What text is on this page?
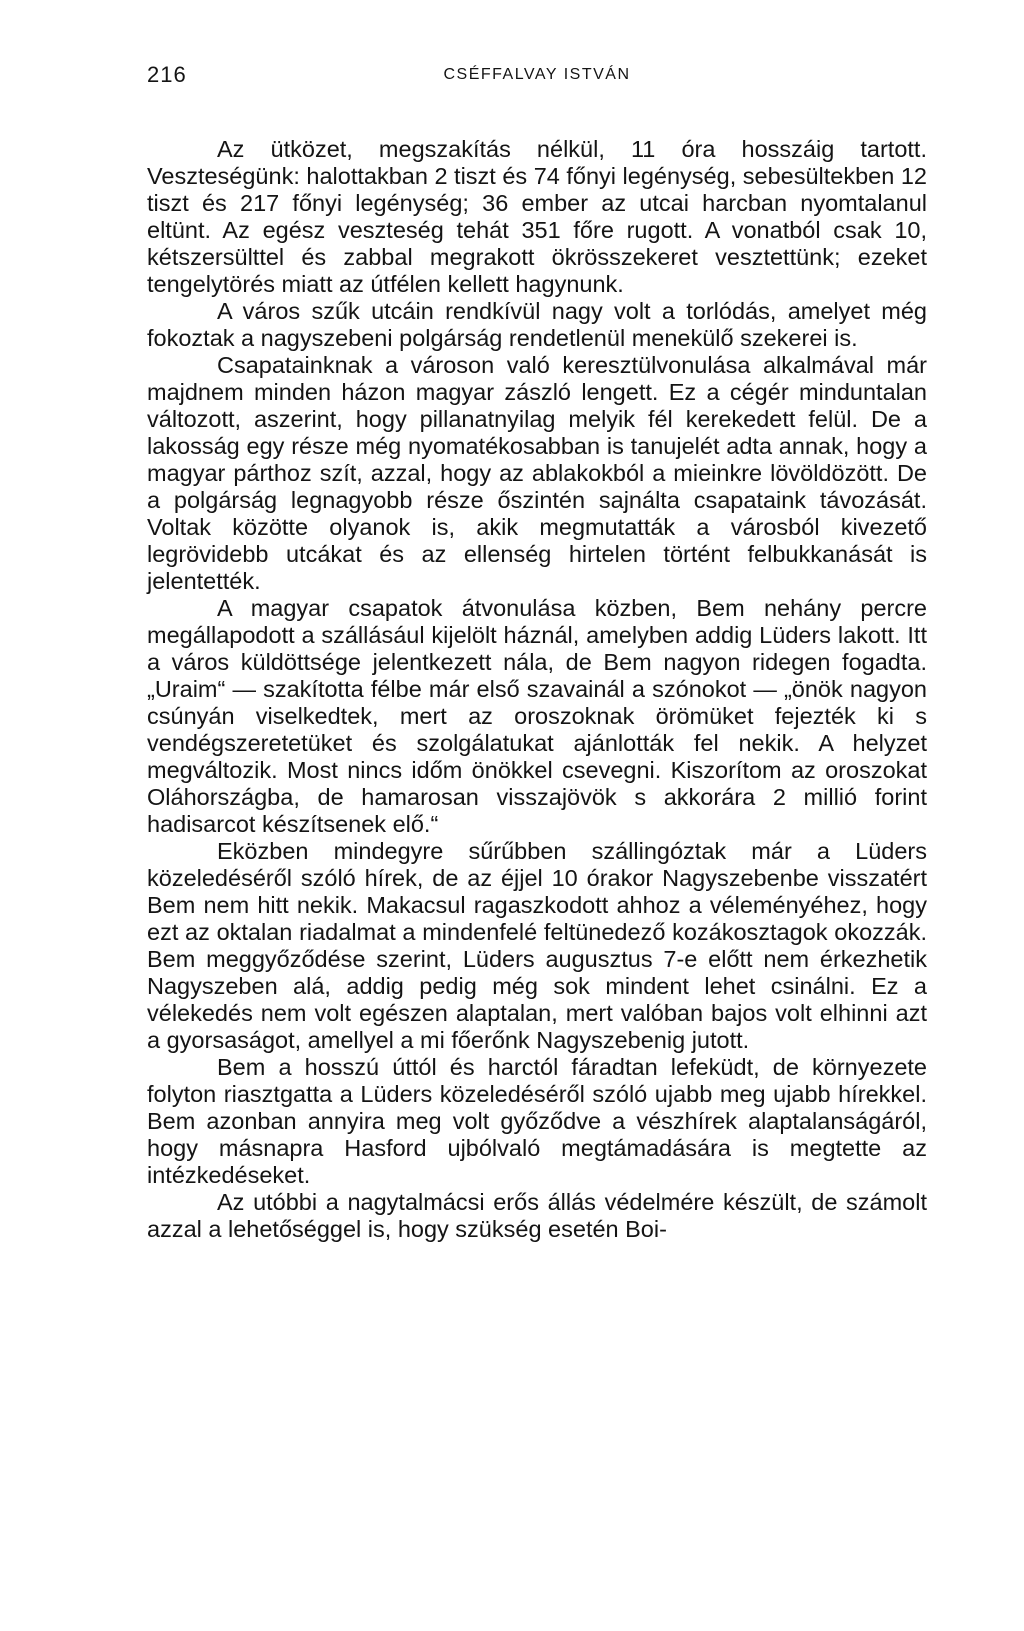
216	CSÉFFALVAY ISTVÁN

Az ütközet, megszakítás nélkül, 11 óra hosszáig tartott. Veszteségünk: halottakban 2 tiszt és 74 főnyi legénység, sebesültekben 12 tiszt és 217 főnyi legénység; 36 ember az utcai harcban nyomtalanul eltünt. Az egész veszteség tehát 351 főre rugott. A vonatból csak 10, kétszersülttel és zabbal megrakott ökrösszekeret vesztettünk; ezeket tengelytörés miatt az útfélen kellett hagynunk.

A város szűk utcáin rendkívül nagy volt a torlódás, amelyet még fokoztak a nagyszebeni polgárság rendetlenül menekülő szekerei is.

Csapatainknak a városon való keresztülvonulása alkalmával már majdnem minden házon magyar zászló lengett. Ez a cégér minduntalan változott, aszerint, hogy pillanatnyilag melyik fél kerekedett felül. De a lakosság egy része még nyomatékosabban is tanujelét adta annak, hogy a magyar párthoz szít, azzal, hogy az ablakokból a mieinkre lövöldözött. De a polgárság legnagyobb része őszintén sajnálta csapataink távozását. Voltak közötte olyanok is, akik megmutatták a városból kivezető legrövidebb utcákat és az ellenség hirtelen történt felbukkanását is jelentették.

A magyar csapatok átvonulása közben, Bem nehány percre megállapodott a szállásául kijelölt háznál, amelyben addig Lüders lakott. Itt a város küldöttsége jelentkezett nála, de Bem nagyon ridegen fogadta. „Uraim“ — szakította félbe már első szavainál a szónokot — „önök nagyon csúnyán viselkedtek, mert az oroszoknak örömüket fejezték ki s vendégszeretetüket és szolgálatukat ajánlották fel nekik. A helyzet megváltozik. Most nincs időm önökkel csevegni. Kiszorítom az oroszokat Oláhországba, de hamarosan visszajövök s akkorára 2 millió forint hadisarcot készítsenek elő.“

Eközben mindegyre sűrűbben szállingóztak már a Lüders közeledéséről szóló hírek, de az éjjel 10 órakor Nagyszebenbe visszatért Bem nem hitt nekik. Makacsul ragaszkodott ahhoz a véleményéhez, hogy ezt az oktalan riadalmat a mindenfelé feltünedező kozákosztagok okozzák. Bem meggyőződése szerint, Lüders augusztus 7-e előtt nem érkezhetik Nagyszeben alá, addig pedig még sok mindent lehet csinálni. Ez a vélekedés nem volt egészen alaptalan, mert valóban bajos volt elhinni azt a gyorsaságot, amellyel a mi főerőnk Nagyszebenig jutott.

Bem a hosszú úttól és harctól fáradtan lefeküdt, de környezete folyton riasztgatta a Lüders közeledéséről szóló ujabb meg ujabb hírekkel. Bem azonban annyira meg volt győződve a vészhírek alaptalanságáról, hogy másnapra Hasford ujbólvaló megtámadására is megtette az intézkedéseket.

Az utóbbi a nagytalmácsi erős állás védelmére készült, de számolt azzal a lehetőséggel is, hogy szükség esetén Boi-
